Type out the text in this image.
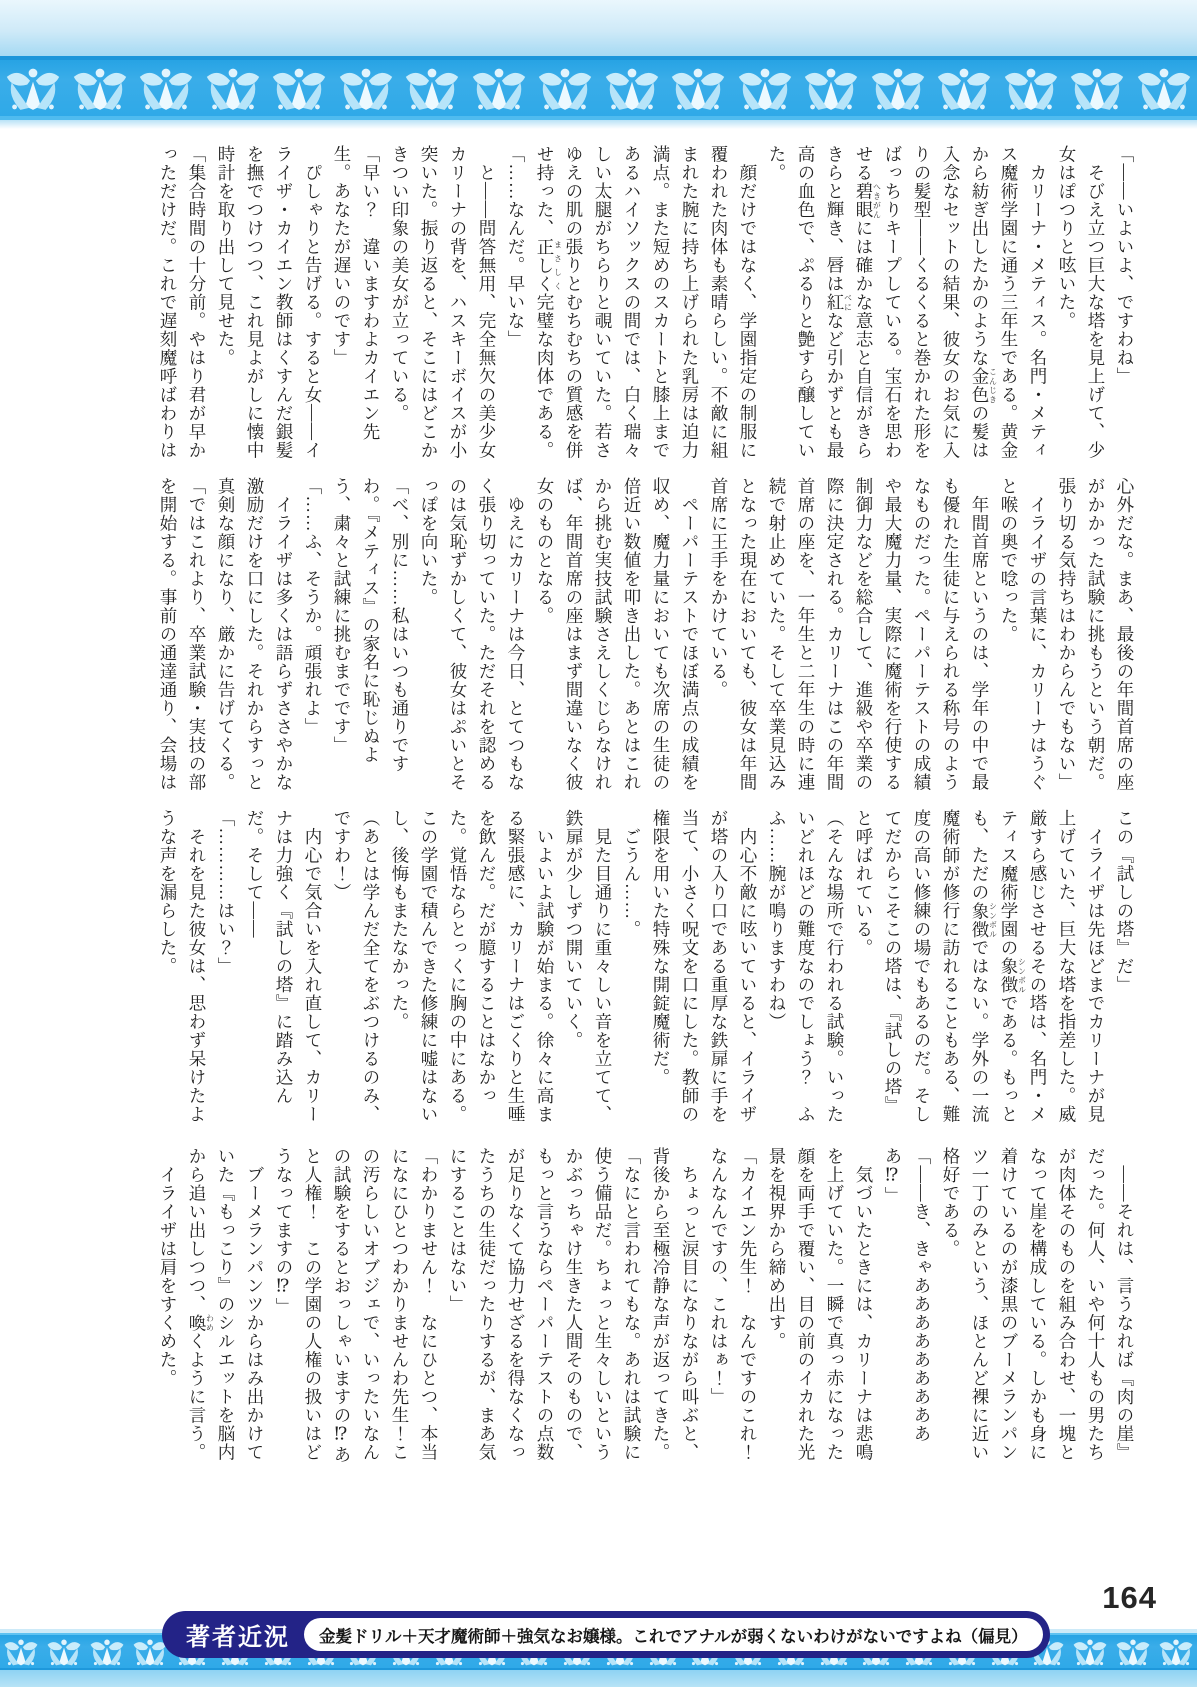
「――いよいよ、ですわね」

　そびえ立つ巨大な塔を見上げて、少女はぽつりと呟いた。

　カリーナ・メティス。名門・メティス魔術学園に通う三年生である。黄金から紡ぎ出したかのような金色こんじきの髪は入念なセットの結果、彼女のお気に入りの髪型――くるくると巻かれた形をばっちりキープしている。宝石を思わせる碧眼へきがんには確かな意志と自信がきらきらと輝き、唇は紅べになど引かずとも最高の血色で、ぷるりと艶すら醸していた。

　顔だけではなく、学園指定の制服に覆われた肉体も素晴らしい。不敵に組まれた腕に持ち上げられた乳房は迫力満点。また短めのスカートと膝上まであるハイソックスの間では、白く瑞々しい太腿がちらりと覗いていた。若さゆえの肌の張りとむちむちの質感を併せ持った、正しくまさしく完璧な肉体である。

「……なんだ。早いな」

　と――問答無用、完全無欠の美少女カリーナの背を、ハスキーボイスが小突いた。振り返ると、そこにはどこかきつい印象の美女が立っている。

「早い？　違いますわよカイエン先生。あなたが遅いのです」

　ぴしゃりと告げる。すると女――イライザ・カイエン教師はくすんだ銀髪を撫でつけつつ、これ見よがしに懐中時計を取り出して見せた。

「集合時間の十分前。やはり君が早かっただけだ。これで遅刻魔呼ばわりは

心外だな。まあ、最後の年間首席の座がかかった試験に挑もうという朝だ。張り切る気持ちはわからんでもない」

　イライザの言葉に、カリーナはうぐと喉の奥で唸った。

　年間首席というのは、学年の中で最も優れた生徒に与えられる称号のようなものだった。ペーパーテストの成績や最大魔力量、実際に魔術を行使する制御力などを総合して、進級や卒業の際に決定される。カリーナはこの年間首席の座を、一年生と二年生の時に連続で射止めていた。そして卒業見込みとなった現在においても、彼女は年間首席に王手をかけている。

　ペーパーテストでほぼ満点の成績を収め、魔力量においても次席の生徒の倍近い数値を叩き出した。あとはこれから挑む実技試験さえしくじらなければ、年間首席の座はまず間違いなく彼女のものとなる。

　ゆえにカリーナは今日、とてつもなく張り切っていた。ただそれを認めるのは気恥ずかしくて、彼女はぷいとそっぽを向いた。

「べ、別に……私はいつも通りですわ。『メティス』の家名に恥じぬよう、粛々と試練に挑むまでです」

「……ふ、そうか。頑張れよ」

　イライザは多くは語らずささやかな激励だけを口にした。それからすっと真剣な顔になり、厳かに告げてくる。

「ではこれより、卒業試験・実技の部を開始する。事前の通達通り、会場は

この『試しの塔』だ」

　イライザは先ほどまでカリーナが見上げていた、巨大な塔を指差した。威厳すら感じさせるその塔は、名門・メティス魔術学園の象徴シンボルである。もっとも、ただの象徴シンボルではない。学外の一流魔術師が修行に訪れることもある、難度の高い修練の場でもあるのだ。そしてだからこそこの塔は、『試しの塔』と呼ばれている。

（そんな場所で行われる試験。いったいどれほどの難度なのでしょう？　ふふ……腕が鳴りますわね）

　内心不敵に呟いていると、イライザが塔の入り口である重厚な鉄扉に手を当て、小さく呪文を口にした。教師の権限を用いた特殊な開錠魔術だ。

　ごうん……。

　見た目通りに重々しい音を立てて、鉄扉が少しずつ開いていく。

　いよいよ試験が始まる。徐々に高まる緊張感に、カリーナはごくりと生唾を飲んだ。だが臆することはなかった。覚悟ならとっくに胸の中にある。この学園で積んできた修練に嘘はないし、後悔もまたなかった。

（あとは学んだ全てをぶつけるのみ、ですわ！）

　内心で気合いを入れ直して、カリーナは力強く『試しの塔』に踏み込んだ。そして――

「…………はい？」

　それを見た彼女は、思わず呆けたような声を漏らした。

　――それは、言うなれば『肉の崖』だった。何人、いや何十人もの男たちが肉体そのものを組み合わせ、一塊となって崖を構成している。しかも身に着けているのが漆黒のブーメランパンツ一丁のみという、ほとんど裸に近い格好である。

「――き、きゃああああああああああ⁉」

　気づいたときには、カリーナは悲鳴を上げていた。一瞬で真っ赤になった顔を両手で覆い、目の前のイカれた光景を視界から締め出す。

「カイエン先生！　なんですのこれ！なんなんですの、これはぁ！」

　ちょっと涙目になりながら叫ぶと、背後から至極冷静な声が返ってきた。

「なにと言われてもな。あれは試験に使う備品だ。ちょっと生々しいというかぶっちゃけ生きた人間そのもので、もっと言うならペーパーテストの点数が足りなくて協力せざるを得なくなったうちの生徒だったりするが、まあ気にすることはない」

「わかりません！　なにひとつ、本当になにひとつわかりませんわ先生！この汚らしいオブジェで、いったいなんの試験をするとおっしゃいますの⁉あと人権！　この学園の人権の扱いはどうなってますの⁉」

　ブーメランパンツからはみ出かけていた『もっこり』のシルエットを脳内から追い出しつつ、喚わめくように言う。

　イライザは肩をすくめた。

164
著者近況 金髪ドリル＋天才魔術師＋強気なお嬢様。これでアナルが弱くないわけがないですよね（偏見）
